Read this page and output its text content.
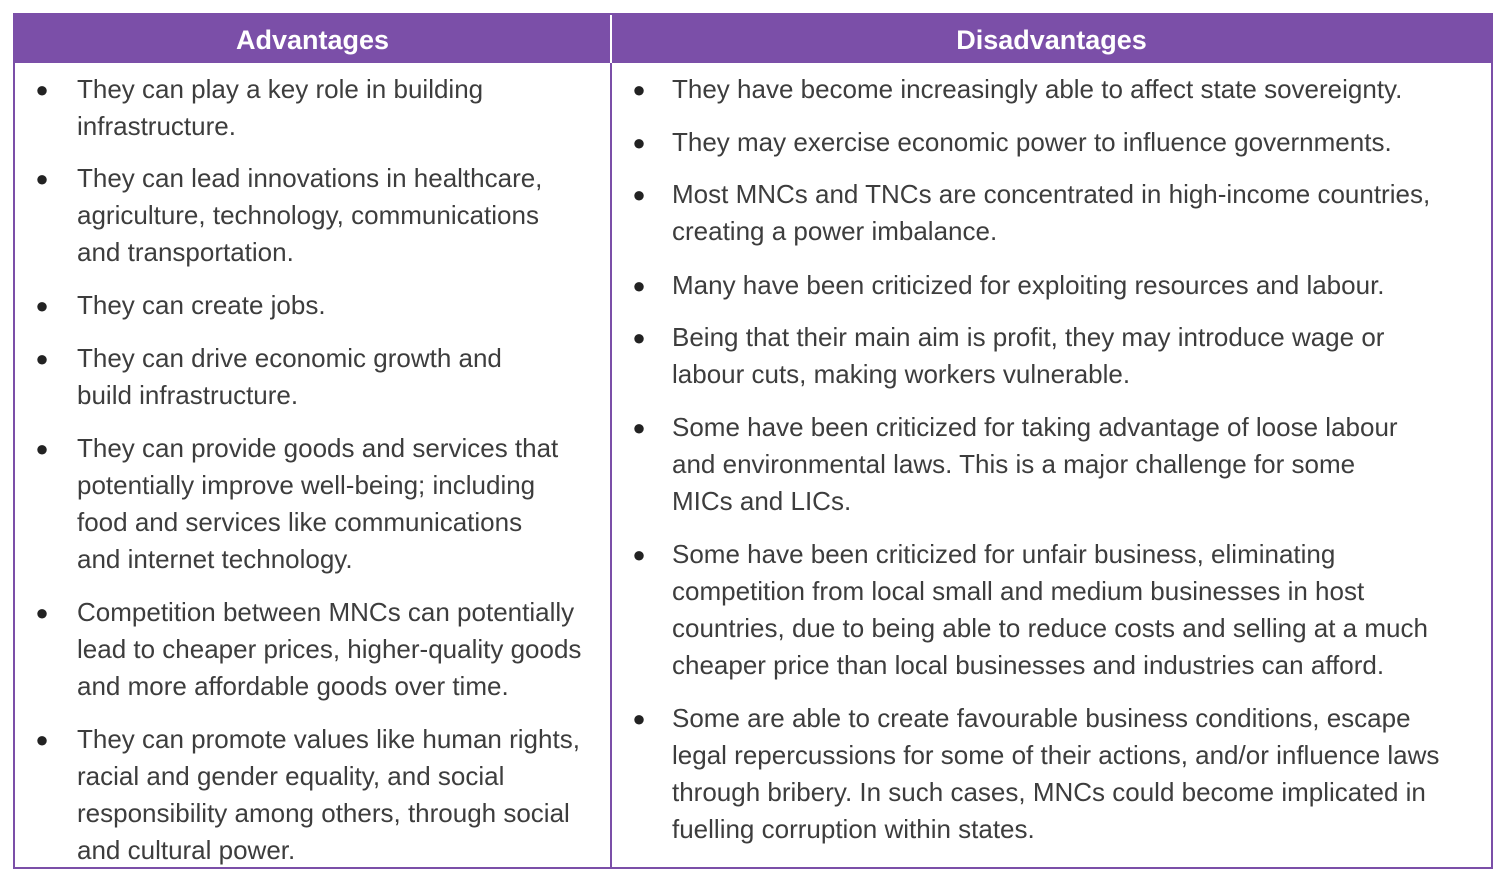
Advantages	Disadvantages
● They can play a key role in building
infrastructure.

● They can lead innovations in healthcare,
agriculture, technology, communications
and transportation.

● They can create jobs.

● They can drive economic growth and
build infrastructure.

● They can provide goods and services that
potentially improve well-being; including
food and services like communications
and internet technology.

● Competition between MNCs can potentially
lead to cheaper prices, higher-quality goods
and more affordable goods over time.

● They can promote values like human rights,
racial and gender equality, and social
responsibility among others, through social
and cultural power.

● They have become increasingly able to affect state sovereignty.

● They may exercise economic power to influence governments.

● Most MNCs and TNCs are concentrated in high-income countries,
creating a power imbalance.

● Many have been criticized for exploiting resources and labour.

● Being that their main aim is profit, they may introduce wage or
labour cuts, making workers vulnerable.

● Some have been criticized for taking advantage of loose labour
and environmental laws. This is a major challenge for some
MICs and LICs.

● Some have been criticized for unfair business, eliminating
competition from local small and medium businesses in host
countries, due to being able to reduce costs and selling at a much
cheaper price than local businesses and industries can afford.

● Some are able to create favourable business conditions, escape
legal repercussions for some of their actions, and/or influence laws
through bribery. In such cases, MNCs could become implicated in
fuelling corruption within states.
